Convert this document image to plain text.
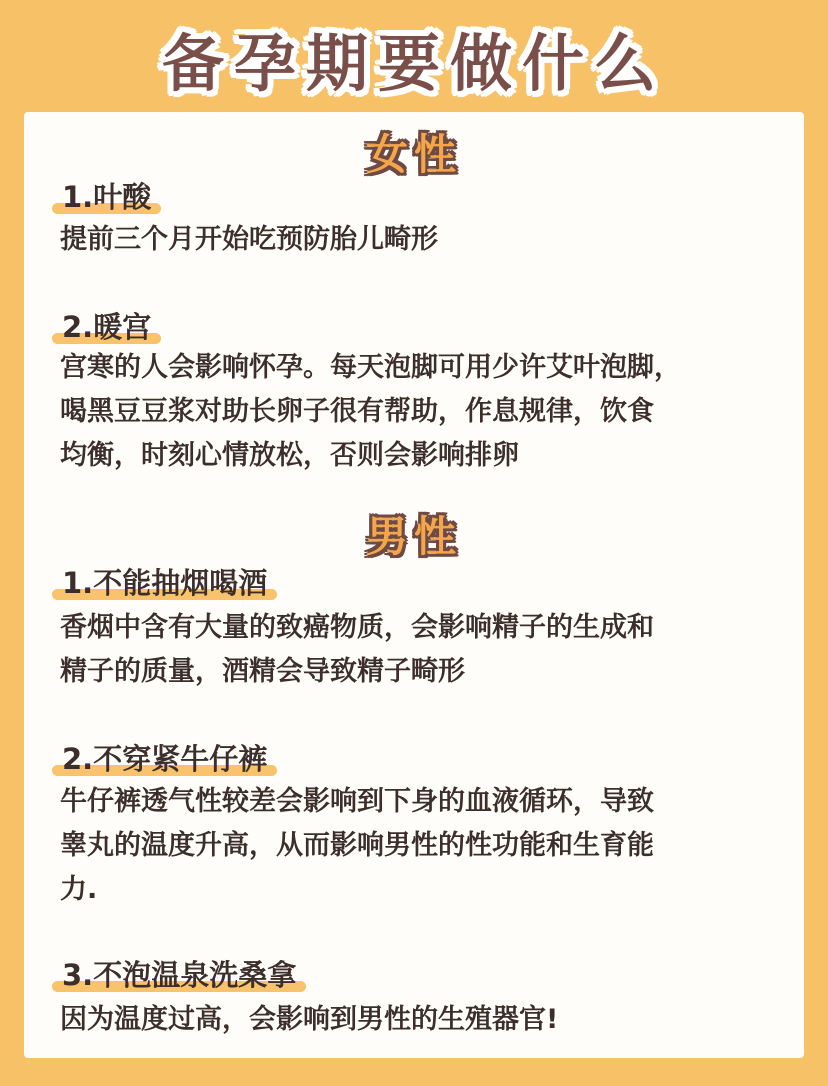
备孕期要做什么
女性
1.叶酸
提前三个月开始吃预防胎儿畸形
2.暖宫
宫寒的人会影响怀孕。每天泡脚可用少许艾叶泡脚，
喝黑豆豆浆对助长卵子很有帮助，作息规律，饮食
均衡，时刻心情放松，否则会影响排卵
男性
1.不能抽烟喝酒
香烟中含有大量的致癌物质，会影响精子的生成和
精子的质量，酒精会导致精子畸形
2.不穿紧牛仔裤
牛仔裤透气性较差会影响到下身的血液循环，导致
睾丸的温度升高，从而影响男性的性功能和生育能
力.
3.不泡温泉洗桑拿
因为温度过高，会影响到男性的生殖器官!
